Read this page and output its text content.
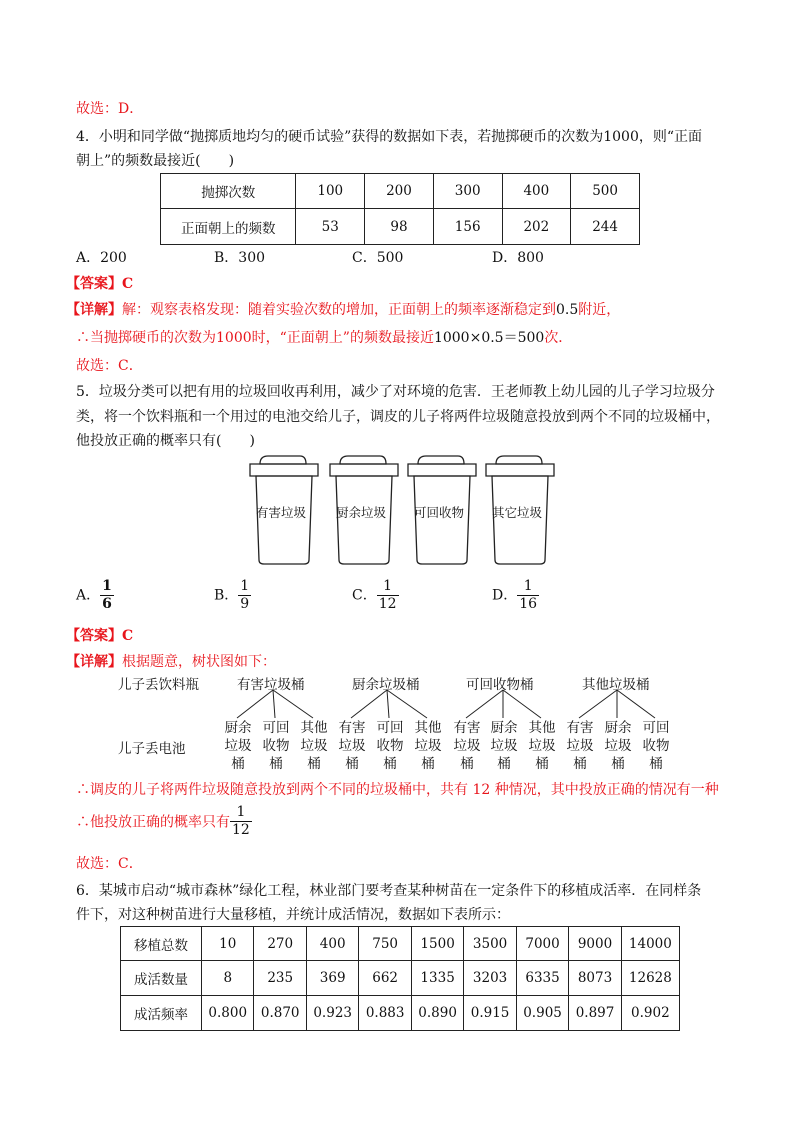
故选：D．
4．小明和同学做“抛掷质地均匀的硬币试验”获得的数据如下表，若抛掷硬币的次数为1000，则“正面
朝上”的频数最接近(　　)
抛掷次数	100	200	300	400	500
正面朝上的频数	53	98	156	202	244
A．200	B．300	C．500	D．800
【答案】C
【详解】解：观察表格发现：随着实验次数的增加，正面朝上的频率逐渐稳定到0.5附近，
∴当抛掷硬币的次数为1000时，“正面朝上”的频数最接近1000×0.5＝500次．
故选：C．
5．垃圾分类可以把有用的垃圾回收再利用，减少了对环境的危害．王老师教上幼儿园的儿子学习垃圾分
类，将一个饮料瓶和一个用过的电池交给儿子，调皮的儿子将两件垃圾随意投放到两个不同的垃圾桶中，
他投放正确的概率只有(　　)
有害垃圾 厨余垃圾 可回收物 其它垃圾
A． $\frac{1}{6}$	B． $\frac{1}{9}$	C． $\frac{1}{12}$	D． $\frac{1}{16}$
【答案】C
【详解】根据题意，树状图如下：
儿子丢饮料瓶
儿子丢电池
有害垃圾桶	厨余垃圾桶	可回收物桶	其他垃圾桶
厨余
垃圾
桶
可回
收物
桶
其他
垃圾
桶
有害
垃圾
桶
可回
收物
桶
其他
垃圾
桶
有害
垃圾
桶
厨余
垃圾
桶
其他
垃圾
桶
有害
垃圾
桶
厨余
垃圾
桶
可回
收物
桶
∴调皮的儿子将两件垃圾随意投放到两个不同的垃圾桶中，共有 12 种情况，其中投放正确的情况有一种
∴他投放正确的概率只有 $\frac{1}{12}$
故选：C．
6．某城市启动“城市森林”绿化工程，林业部门要考查某种树苗在一定条件下的移植成活率．在同样条
件下，对这种树苗进行大量移植，并统计成活情况，数据如下表所示：
移植总数	10	270	400	750	1500	3500	7000	9000	14000
成活数量	8	235	369	662	1335	3203	6335	8073	12628
成活频率	0.800	0.870	0.923	0.883	0.890	0.915	0.905	0.897	0.902
